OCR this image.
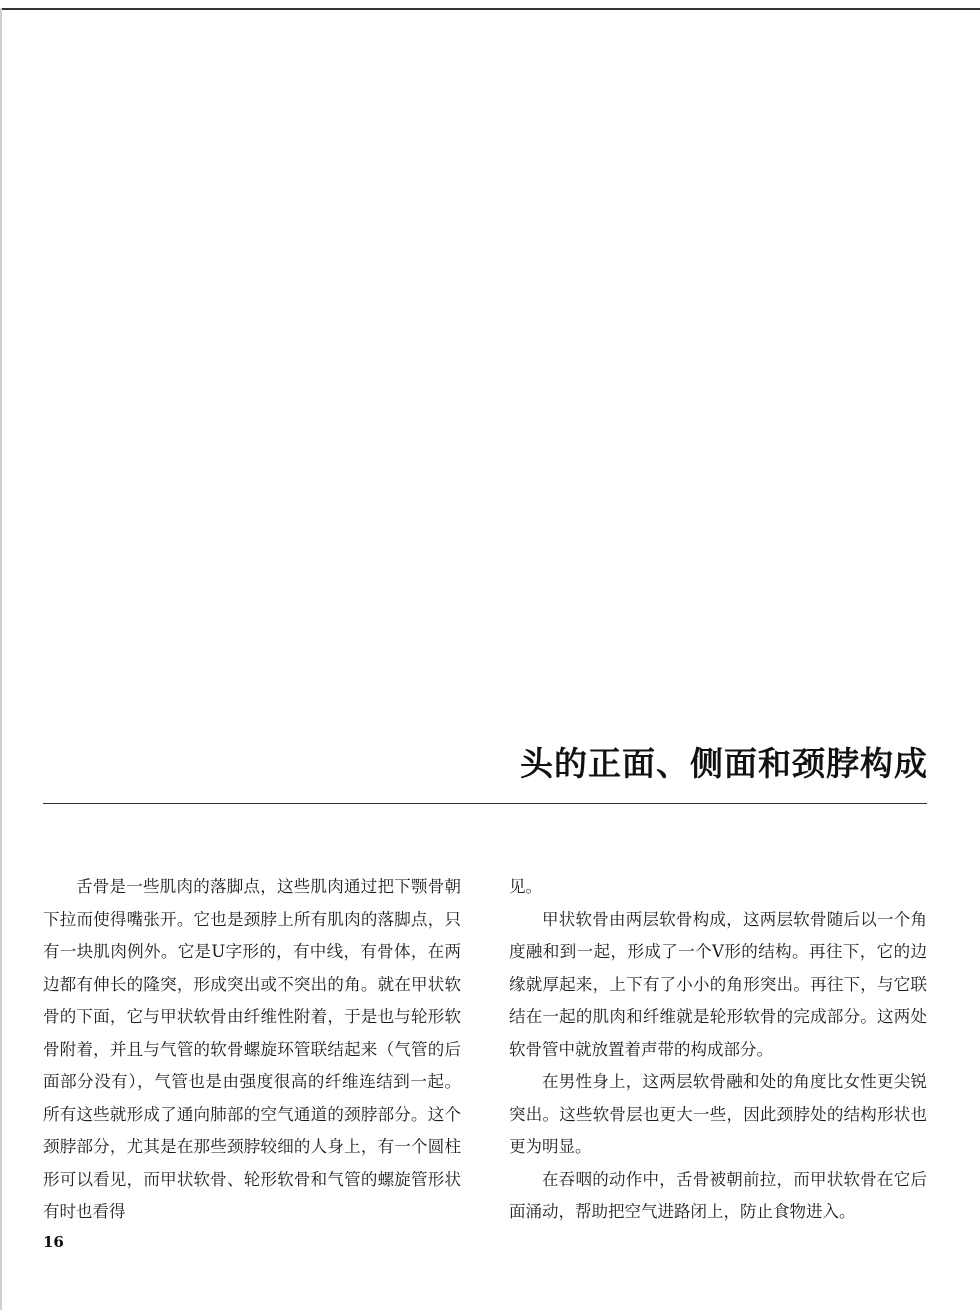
头的正面、侧面和颈脖构成

舌骨是一些肌肉的落脚点，这些肌肉通过把下颚骨朝下拉而使得嘴张开。它也是颈脖上所有肌肉的落脚点，只有一块肌肉例外。它是U字形的，有中线，有骨体，在两边都有伸长的隆突，形成突出或不突出的角。就在甲状软骨的下面，它与甲状软骨由纤维性附着，于是也与轮形软骨附着，并且与气管的软骨螺旋环管联结起来（气管的后面部分没有），气管也是由强度很高的纤维连结到一起。所有这些就形成了通向肺部的空气通道的颈脖部分。这个颈脖部分，尤其是在那些颈脖较细的人身上，有一个圆柱形可以看见，而甲状软骨、轮形软骨和气管的螺旋管形状有时也看得

见。

甲状软骨由两层软骨构成，这两层软骨随后以一个角度融和到一起，形成了一个V形的结构。再往下，它的边缘就厚起来，上下有了小小的角形突出。再往下，与它联结在一起的肌肉和纤维就是轮形软骨的完成部分。这两处软骨管中就放置着声带的构成部分。

在男性身上，这两层软骨融和处的角度比女性更尖锐突出。这些软骨层也更大一些，因此颈脖处的结构形状也更为明显。

在吞咽的动作中，舌骨被朝前拉，而甲状软骨在它后面涌动，帮助把空气进路闭上，防止食物进入。

16
